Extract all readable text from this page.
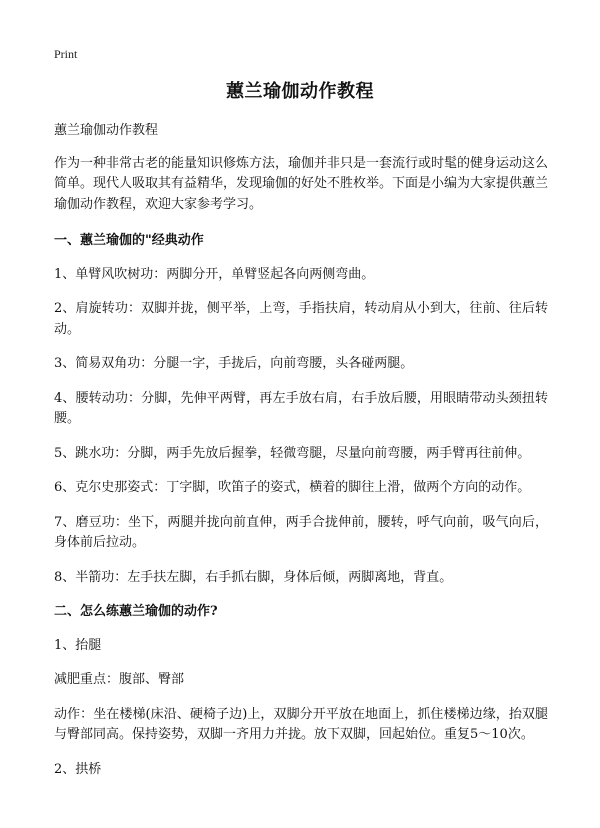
Print
蕙兰瑜伽动作教程

蕙兰瑜伽动作教程

作为一种非常古老的能量知识修炼方法，瑜伽并非只是一套流行或时髦的健身运动这么简单。现代人吸取其有益精华，发现瑜伽的好处不胜枚举。下面是小编为大家提供蕙兰瑜伽动作教程，欢迎大家参考学习。

一、蕙兰瑜伽的"经典动作

1、单臂风吹树功：两脚分开，单臂竖起各向两侧弯曲。

2、肩旋转功：双脚并拢，侧平举，上弯，手指扶肩，转动肩从小到大，往前、往后转动。

3、简易双角功：分腿一字，手拢后，向前弯腰，头各碰两腿。

4、腰转动功：分脚，先伸平两臂，再左手放右肩，右手放后腰，用眼睛带动头颈扭转腰。

5、跳水功：分脚，两手先放后握拳，轻微弯腿，尽量向前弯腰，两手臂再往前伸。

6、克尔史那姿式：丁字脚，吹笛子的姿式，横着的脚往上滑，做两个方向的动作。

7、磨豆功：坐下，两腿并拢向前直伸，两手合拢伸前，腰转，呼气向前，吸气向后，身体前后拉动。

8、半箭功：左手扶左脚，右手抓右脚，身体后倾，两脚离地，背直。

二、怎么练蕙兰瑜伽的动作?

1、抬腿

减肥重点：腹部、臀部

动作：坐在楼梯(床沿、硬椅子边)上，双脚分开平放在地面上，抓住楼梯边缘，抬双腿与臀部同高。保持姿势，双脚一齐用力并拢。放下双脚，回起始位。重复5～10次。

2、拱桥
